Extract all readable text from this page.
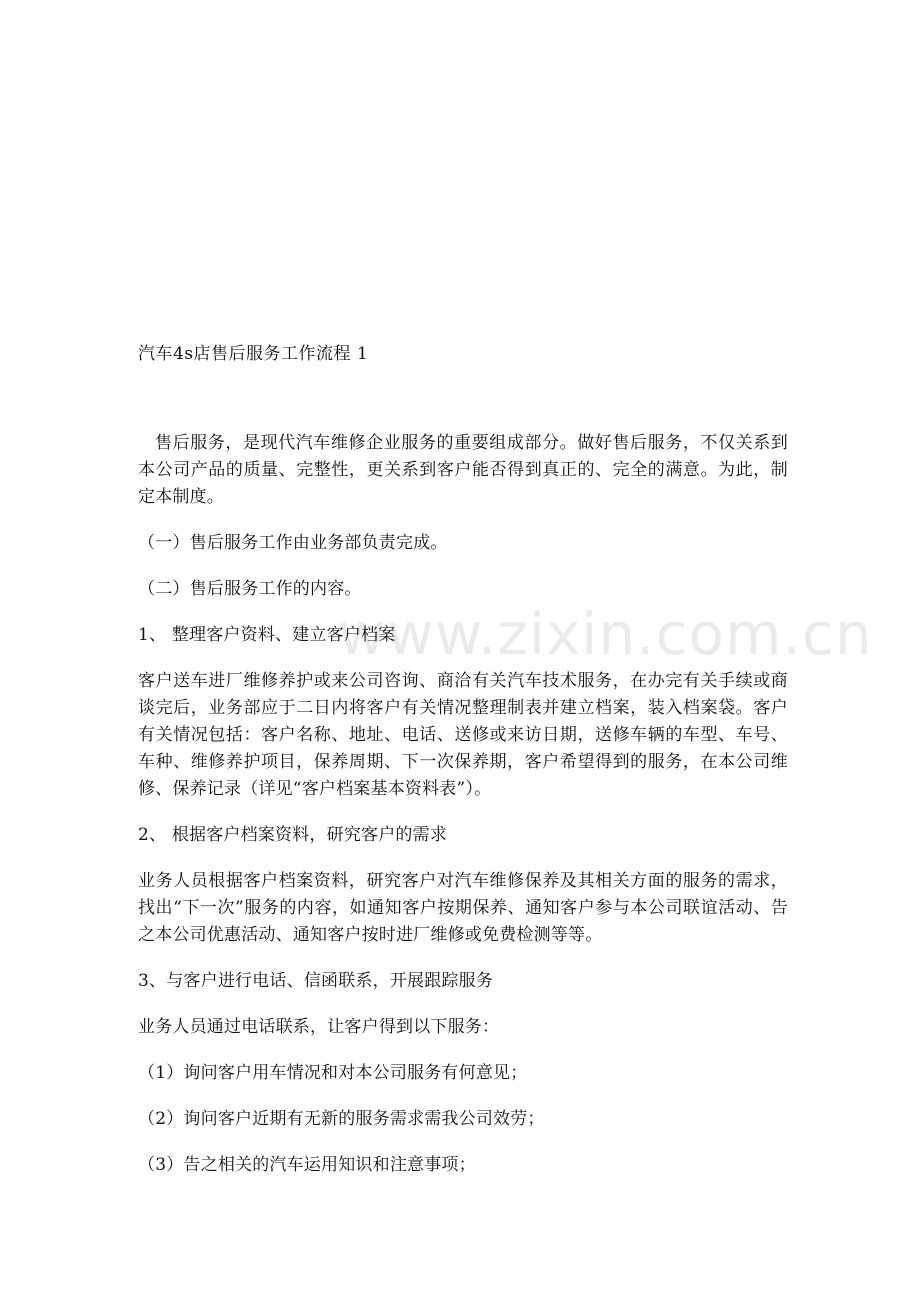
汽车4s店售后服务工作流程 1

售后服务，是现代汽车维修企业服务的重要组成部分。做好售后服务，不仅关系到本公司产品的质量、完整性，更关系到客户能否得到真正的、完全的满意。为此，制定本制度。

（一）售后服务工作由业务部负责完成。

（二）售后服务工作的内容。

1、 整理客户资料、建立客户档案

客户送车进厂维修养护或来公司咨询、商洽有关汽车技术服务，在办完有关手续或商谈完后，业务部应于二日内将客户有关情况整理制表并建立档案，装入档案袋。客户有关情况包括：客户名称、地址、电话、送修或来访日期，送修车辆的车型、车号、车种、维修养护项目，保养周期、下一次保养期，客户希望得到的服务，在本公司维修、保养记录（详见“客户档案基本资料表”）。

2、 根据客户档案资料，研究客户的需求

业务人员根据客户档案资料，研究客户对汽车维修保养及其相关方面的服务的需求，找出“下一次”服务的内容，如通知客户按期保养、通知客户参与本公司联谊活动、告之本公司优惠活动、通知客户按时进厂维修或免费检测等等。

3、与客户进行电话、信函联系，开展跟踪服务

业务人员通过电话联系，让客户得到以下服务：

（1）询问客户用车情况和对本公司服务有何意见；

（2）询问客户近期有无新的服务需求需我公司效劳；

（3）告之相关的汽车运用知识和注意事项；

www.zixin.com.cn
